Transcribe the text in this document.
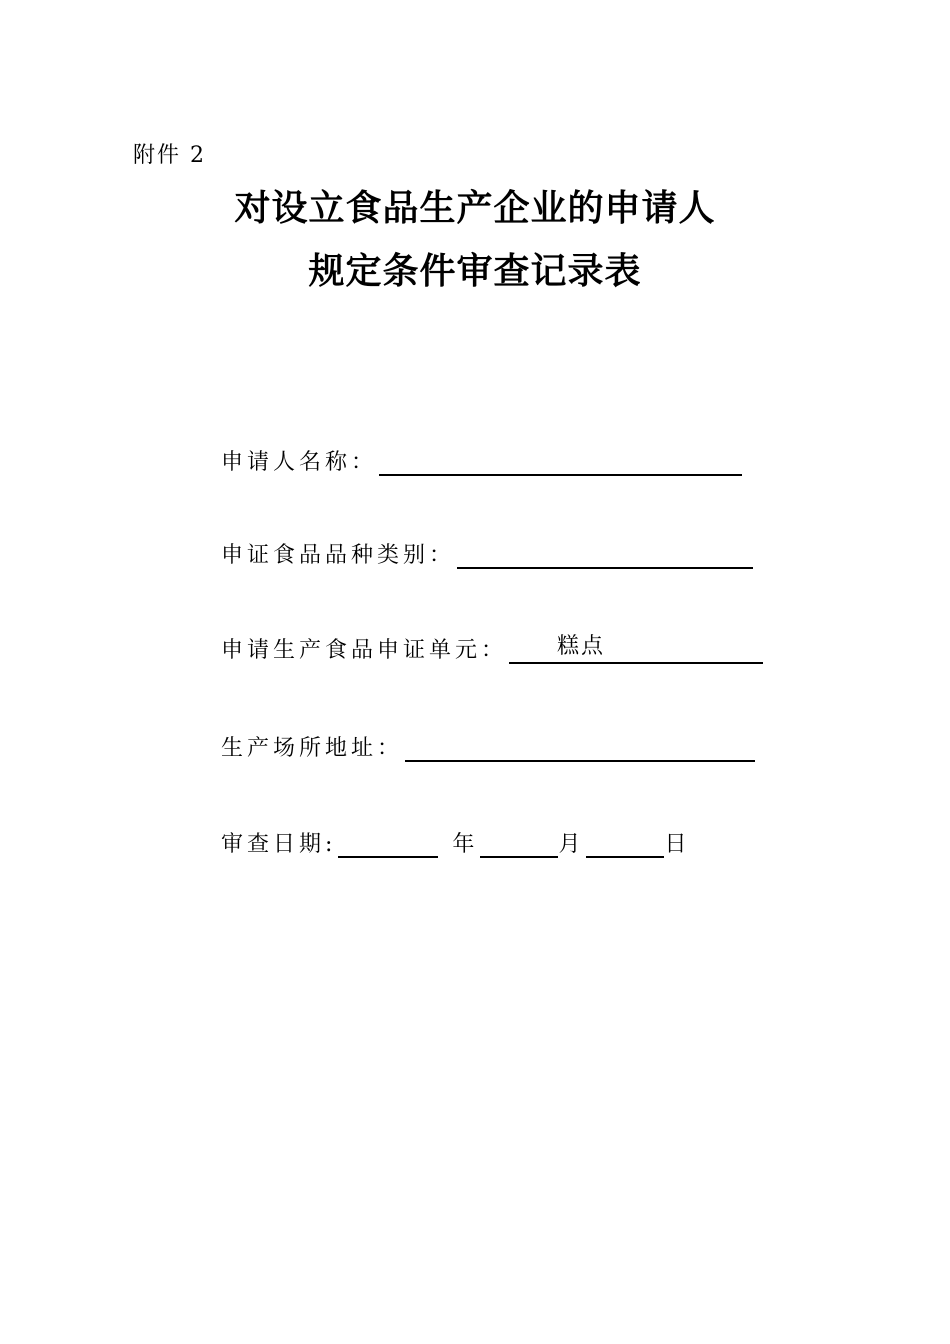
附件 2
对设立食品生产企业的申请人
规定条件审查记录表
申请人名称：
申证食品品种类别：
申请生产食品申证单元： 糕点
生产场所地址：
审查日期:	年	月	日
